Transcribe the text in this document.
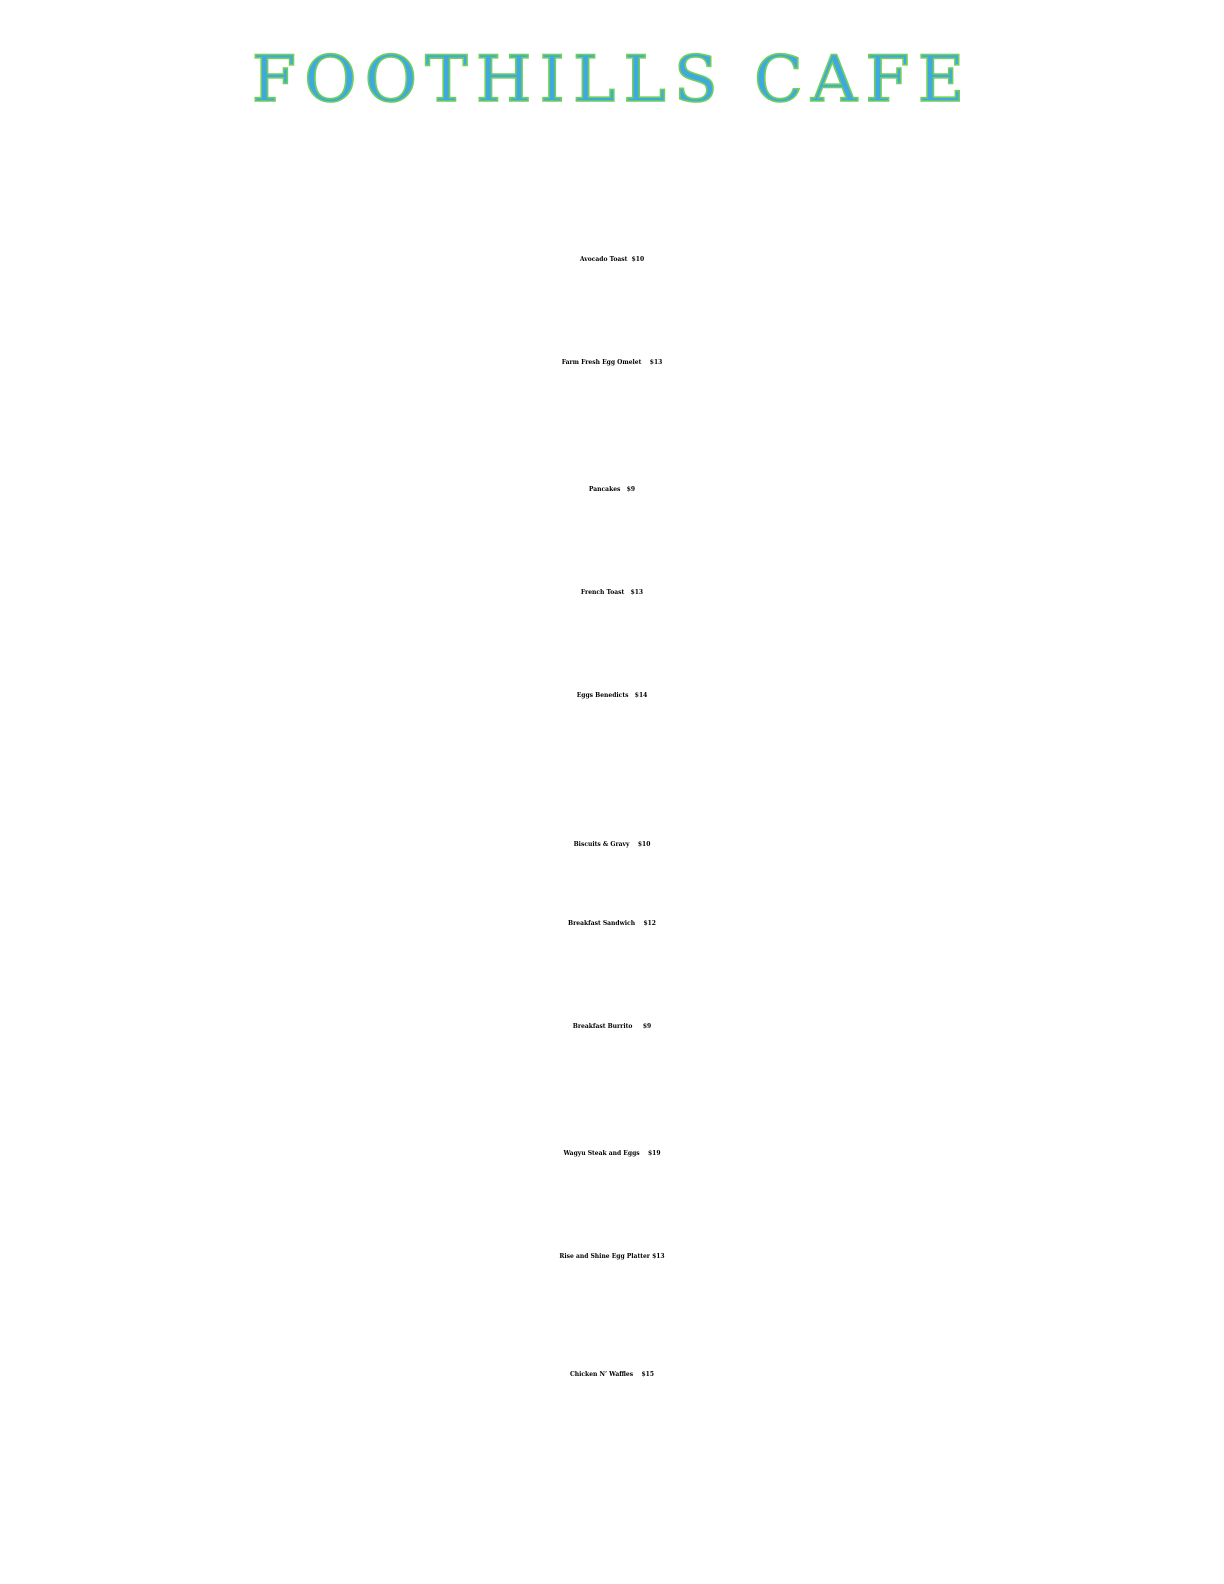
FOOTHILLS CAFE
Avocado Toast $10
Farm Fresh Egg Omelet $13
Pancakes $9
French Toast $13
Eggs Benedicts $14

Biscuits & Gravy $10
Breakfast Sandwich $12
Breakfast Burrito $9
Wagyu Steak and Eggs $19
Rise and Shine Egg Platter $13
Chicken N’ Waffles $15
